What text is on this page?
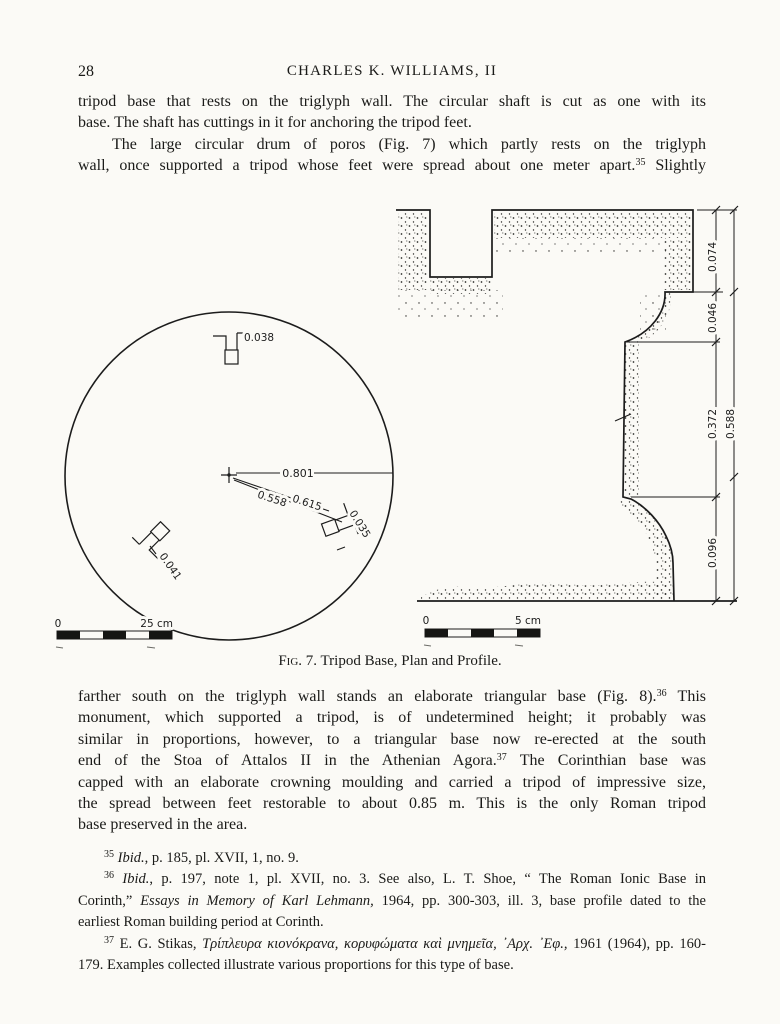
28	CHARLES K. WILLIAMS, II
tripod base that rests on the triglyph wall. The circular shaft is cut as one with its
base. The shaft has cuttings in it for anchoring the tripod feet.
The large circular drum of poros (Fig. 7) which partly rests on the triglyph
wall, once supported a tripod whose feet were spread about one meter apart.$^{35}$ Slightly
0.801
0.558 0.615
0.038
0.035
0.041
0	25 cm
0.074
0.046
0.372 0.588
0.096
0	5 cm
Fig. 7. Tripod Base, Plan and Profile.
farther south on the triglyph wall stands an elaborate triangular base (Fig. 8).$^{36}$ This
monument, which supported a tripod, is of undetermined height; it probably was
similar in proportions, however, to a triangular base now re-erected at the south
end of the Stoa of Attalos II in the Athenian Agora.$^{37}$ The Corinthian base was
capped with an elaborate crowning moulding and carried a tripod of impressive size,
the spread between feet restorable to about 0.85 m. This is the only Roman tripod
base preserved in the area.
$^{35}$ Ibid., p. 185, pl. XVII, 1, no. 9.
$^{36}$ Ibid., p. 197, note 1, pl. XVII, no. 3. See also, L. T. Shoe, “ The Roman Ionic Base in
Corinth,” Essays in Memory of Karl Lehmann, 1964, pp. 300-303, ill. 3, base profile dated to the
earliest Roman building period at Corinth.
$^{37}$ E. G. Stikas, Τρίπλευρα κιονόκρανα, κορυφώματα καὶ μνημεῖα, ᾿Αρχ. ᾿Εφ., 1961 (1964), pp. 160-
179. Examples collected illustrate various proportions for this type of base.
